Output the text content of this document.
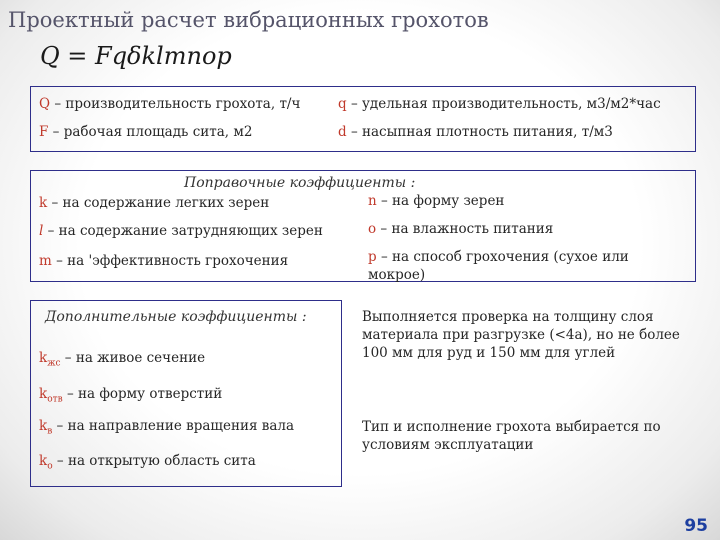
Проектный расчет вибрационных грохотов
Q = Fqδklmnop
Q – производительность грохота, т/ч	q – удельная производительность, м3/м2*час
F – рабочая площадь сита, м2	d – насыпная плотность питания, т/м3
Поправочные коэффициенты :
k – на содержание легких зерен	n – на форму зерен
l – на содержание затрудняющих зерен	o – на влажность питания
m – на 'эффективность грохочения	p – на способ грохочения (сухое или мокрое)
Дополнительные коэффициенты :
$k_{жс}$ – на живое сечение
$k_{отв}$ – на форму отверстий
$k_в$ – на направление вращения вала
$k_о$ – на открытую область сита
Выполняется проверка на толщину слоя материала при разгрузке (<4a), но не более 100 мм для руд и 150 мм для углей
Тип и исполнение грохота выбирается по условиям эксплуатации
95
